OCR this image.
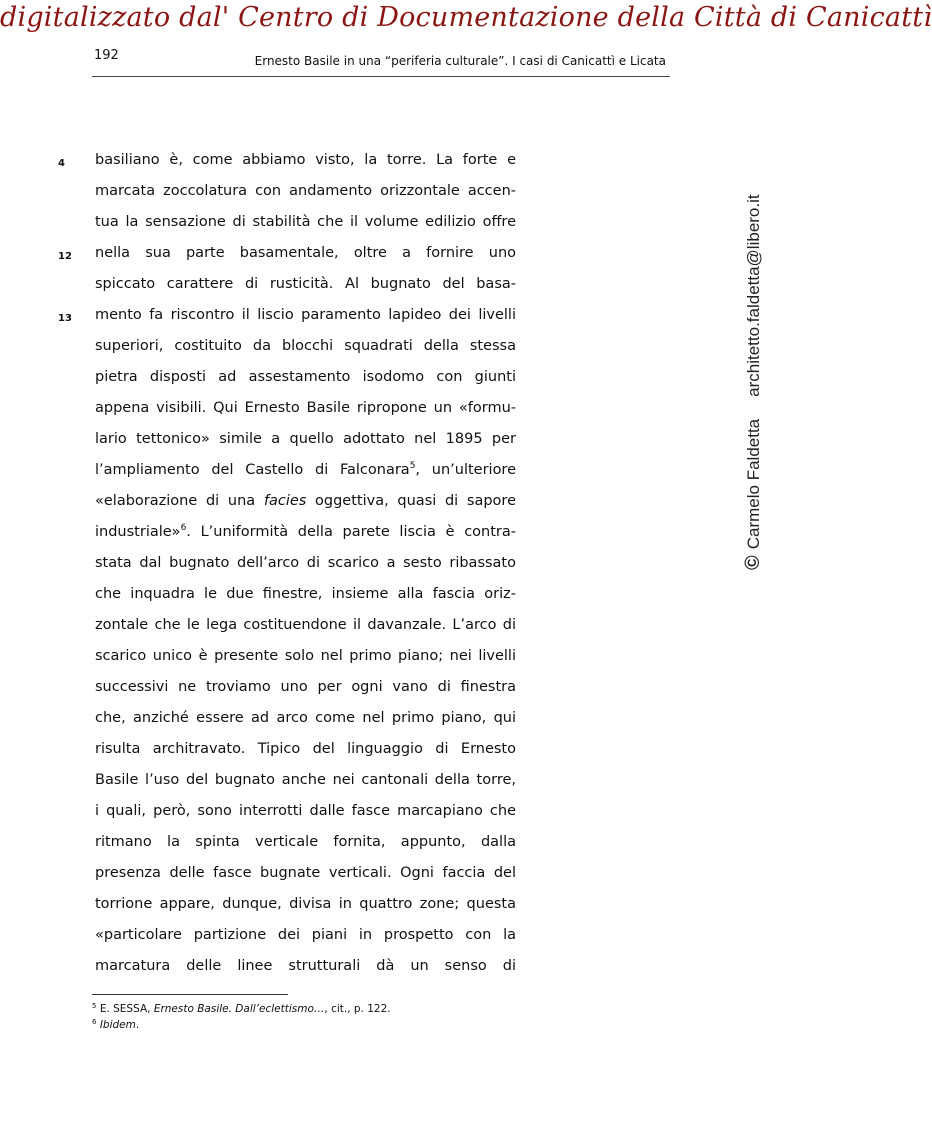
digitalizzato dal' Centro di Documentazione della Città di Canicattì
192	Ernesto Basile in una “periferia culturale”. I casi di Canicattì e Licata
4
12
13
basiliano è, come abbiamo visto, la torre. La forte e
marcata zoccolatura con andamento orizzontale accen-
tua la sensazione di stabilità che il volume edilizio offre
nella sua parte basamentale, oltre a fornire uno
spiccato carattere di rusticità. Al bugnato del basa-
mento fa riscontro il liscio paramento lapideo dei livelli
superiori, costituito da blocchi squadrati della stessa
pietra disposti ad assestamento isodomo con giunti
appena visibili. Qui Ernesto Basile ripropone un «formu-
lario tettonico» simile a quello adottato nel 1895 per
l’ampliamento del Castello di Falconara$^5$, un’ulteriore
«elaborazione di una facies oggettiva, quasi di sapore
industriale»$^6$. L’uniformità della parete liscia è contra-
stata dal bugnato dell’arco di scarico a sesto ribassato
che inquadra le due finestre, insieme alla fascia oriz-
zontale che le lega costituendone il davanzale. L’arco di
scarico unico è presente solo nel primo piano; nei livelli
successivi ne troviamo uno per ogni vano di finestra
che, anziché essere ad arco come nel primo piano, qui
risulta architravato. Tipico del linguaggio di Ernesto
Basile l’uso del bugnato anche nei cantonali della torre,
i quali, però, sono interrotti dalle fasce marcapiano che
ritmano la spinta verticale fornita, appunto, dalla
presenza delle fasce bugnate verticali. Ogni faccia del
torrione appare, dunque, divisa in quattro zone; questa
«particolare partizione dei piani in prospetto con la
marcatura delle linee strutturali dà un senso di
$^5$ E. SESSA, Ernesto Basile. Dall’eclettismo…, cit., p. 122.
$^6$ Ibidem.
©Carmelo Faldettaarchitetto.faldetta@libero.it
